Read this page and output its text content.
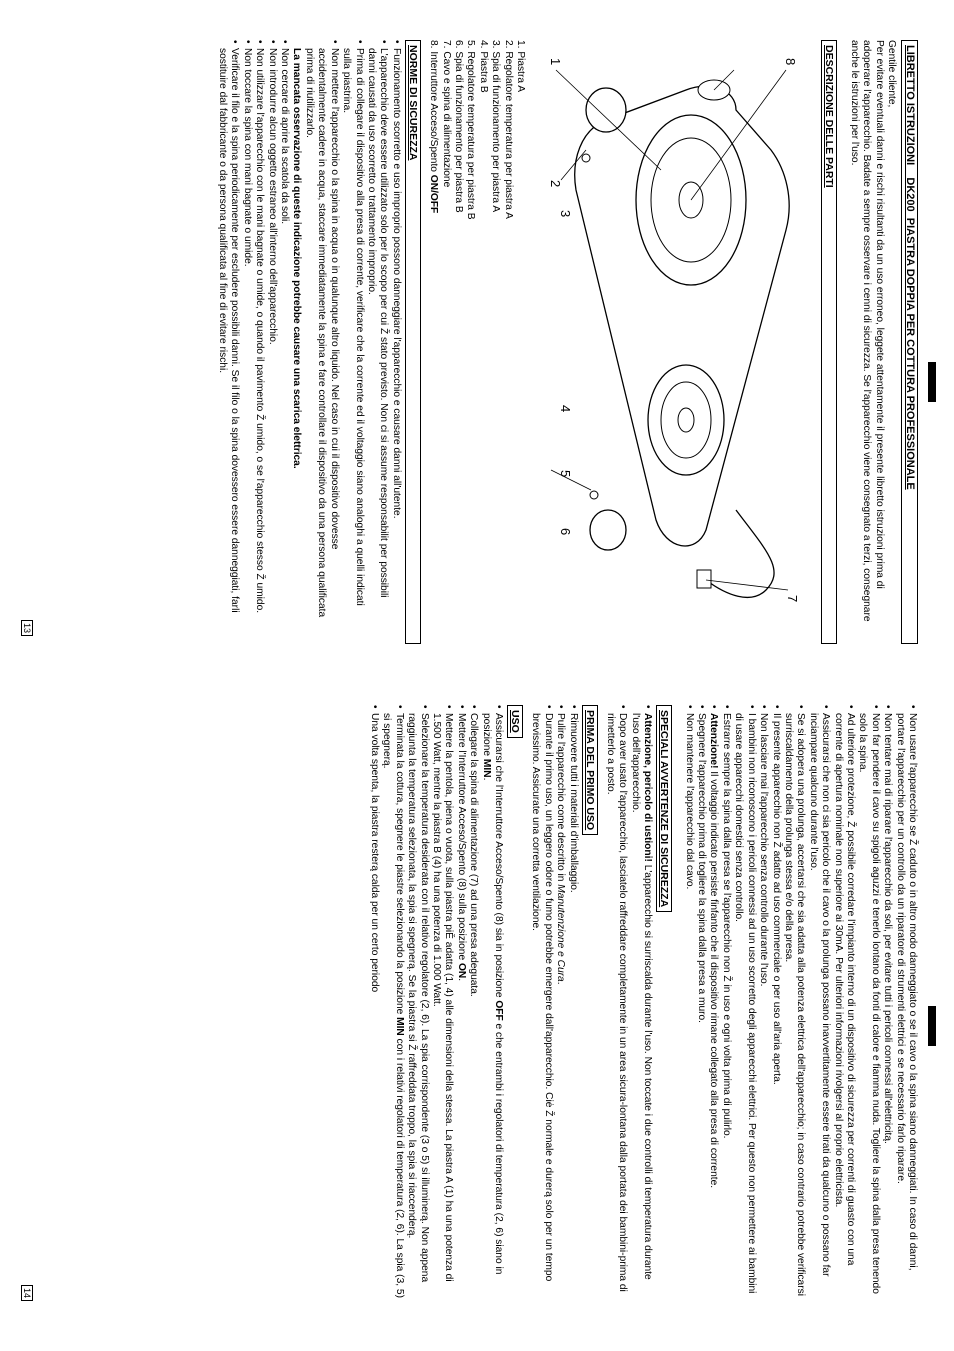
LIBRETTO ISTRUZIONI    DK200  PIASTRA DOPPIA PER COTTURA PROFESSIONALE

Gentile cliente,

Per evitare eventuali danni e rischi risultanti da un uso erroneo, leggete attentamente il presente libretto istruzioni prima di adoperare l'apparecchio. Badate a sempre osservare i cenni di sicurezza. Se l'apparecchio viene consegnato a terzi, consegnare anche le istruzioni per l'uso.

DESCRIZIONE DELLE PARTI
8
1
2
3
4
5
6
7
1. Piastra A
2. Regolatore temperatura per piastra A
3. Spia di funzionamento per piastra A
4. Piastra B
5. Regolatore temperatura per piastra B
6. Spia di funzionamento per piastra B
7. Cavo e spina di alimentazione
8. Interruttore Acceso/Spento ON/OFF
NORME DI SICUREZZA
• Funzionamento scorretto e uso improprio possono danneggiare l'apparecchio e causare danni all'utente.
• L'apparecchio deve essere utilizzato solo per lo scopo per cui Ž stato previsto. Non ci si assume responsabilit per possibili danni causati da uso scorretto o trattamento improprio.
• Prima di collegare il dispositivo alla presa di corrente, verificare che la corrente ed il voltaggio siano analoghi a quelli indicati sulla piastrina.
• Non mettere l'apparecchio o la spina in acqua o in qualunque altro liquido. Nel caso in cui il dispositivo dovesse accidentalmente cadere in acqua, staccare immediatamente la spina e fare controllare il dispositivo da una persona qualificata prima di riutilizzarlo.

La mancata osservazione di queste indicazione potrebbe causare una scarica elettrica.

• Non cercare di aprire la scatola da soli.
• Non introdurre alcun oggetto estraneo all'interno dell'apparecchio.
• Non utilizzare l'apparecchio con le mani bagnate o umide, o quando il pavimento Ž umido, o se l'apparecchio stesso Ž umido.
• Non toccare la spina con mani bagnate o umide.
• Verificare il filo e la spina periodicamente per escludere possibili danni. Se il filo o la spina dovessero essere danneggiati, farli sostituire dal fabbricante o da persona qualificata al fine di evitare rischi.
13
• Non usare l'apparecchio se Ž caduto o in altro modo danneggiato o se il cavo o la spina siano danneggiati. In caso di danni, portare l'apparecchio per un controllo da un riparatore di strumenti elettrici e se necessario farlo riparare.
• Non tentare mai di riparare l'apparecchio da soli, per evitare tutti i pericoli connessi all'elettricitą.
• Non far pendere il cavo su spigoli aguzzi e tenerlo lontano da fonti di calore e fiamma nuda. Togliere la spina dalla presa tenendo solo la spina.
• Ad ulteriore protezione, Ž possibile corredare l'impianto interno di un dispositivo di sicurezza per correnti di guasto con una corrente di apertura nominale non superiore ai 30mA. Per ulteriori informazioni rivolgersi al proprio elettricista.
• Assicurarsi che non ci sia pericolo che il cavo o la prolunga possano inavvertitamente essere tirati da qualcuno o possano far inciampare qualcuno durante l'uso.
• Se si adopera una prolunga, accertarsi che sia adatta alla potenza elettrica dell'apparecchio; in caso contrario potrebbe verificarsi surriscaldamento della prolunga stessa e/o della presa.
• Il presente apparecchio non Ž adatto ad uso commerciale o per uso all'aria aperta.
• Non lasciare mai l'apparecchio senza controllo durante l'uso.
• I bambini non riconoscono i pericoli connessi ad un uso scorretto degli apparecchi elettrici. Per questo non permettere ai bambini di usare apparecchi domestici senza controllo.
• Estrarre sempre la spina dalla presa se l'apparecchio non Ž in uso e ogni volta prima di pulirlo.
• Attenzione! Il voltaggio indicato persiste finfanto che il dispositivo rimane collegato alla presa di corrente.
• Spegnere l'apparecchio prima di togliere la spina dalla presa a muro.
• Non mantenere l'apparecchio dal cavo.
SPECIALI AVVERTENZE DI SICUREZZA
• Attenzione, pericolo di ustioni! L'apparecchio si surriscalda durante l'uso. Non toccate i due controlli di temperatura durante l'uso dell'apparecchio.
• Dopo aver usato l'apparecchio, lasciatelo raffreddare completamente in un area sicura-lontana dalla portata dei bambini-prima di rimetterlo a posto.
PRIMA DEL PRIMO USO
• Rimuovere tutti i materiali d'imballaggio.
• Pulire l'apparecchio come descritto in Manutenzione e Cura.
• Durante il primo uso, un leggero odore o fumo potrebbe emergere dall'apparecchio. Ciė Ž normale e durerą solo per un tempo brevissimo. Assicurate una corretta ventilazione.
USO
• Assicurarsi che l'Interruttore Acceso/Spento (8) sia in posizione OFF e che entrambi i regolatori di temperatura (2, 6) siano in posizione MIN.
• Collegare la spina di alimentazione (7) ad una presa adeguata.
• Mettere l'Interruttore Acceso/Spento (8) sulla posizione ON.
• Mettere la pentola, piena o vuota, sulla piastra piĚ adatta (1, 4) alle dimensioni della stessa. La piastra A (1) ha una potenza di 1.500 Watt, mentre la piastra B (4) ha una potenza di 1.000 Watt.
• Selezionare la temperatura desiderata con il relativo regolatore (2, 6). La spia corrispondente (3 o 5) si illuminerą. Non appena raggiunta la temperatura selezionata, la spia si spegnerą. Se la piastra si Ž raffreddata troppo, la spia si riaccenderą.
• Terminata la cottura, spegnere le piastre selezionando la posizione MIN con i relativi regolatori di temperatura (2, 6). La spia (3, 5) si spegnerą.
• Una volta spenta, la piastra resterą calda per un certo periodo
14
